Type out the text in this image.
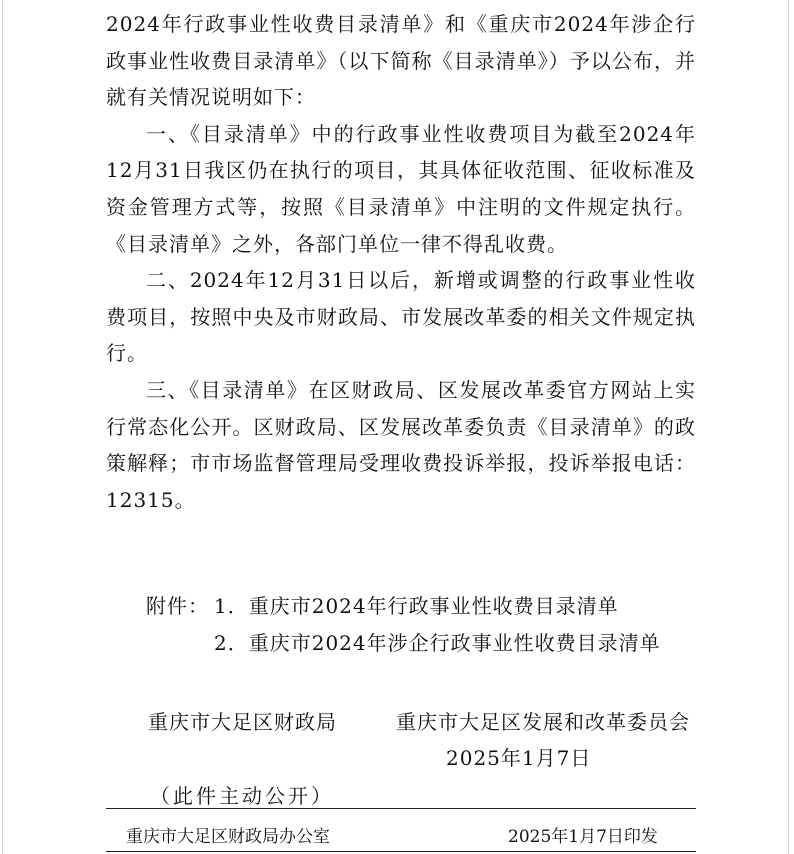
2024年行政事业性收费目录清单》和《重庆市2024年涉企行政事业性收费目录清单》（以下简称《目录清单》）予以公布，并就有关情况说明如下：

一、《目录清单》中的行政事业性收费项目为截至2024年12月31日我区仍在执行的项目，其具体征收范围、征收标准及资金管理方式等，按照《目录清单》中注明的文件规定执行。《目录清单》之外，各部门单位一律不得乱收费。

二、2024年12月31日以后，新增或调整的行政事业性收费项目，按照中央及市财政局、市发展改革委的相关文件规定执行。

三、《目录清单》在区财政局、区发展改革委官方网站上实行常态化公开。区财政局、区发展改革委负责《目录清单》的政策解释；市市场监督管理局受理收费投诉举报，投诉举报电话：12315。

附件： 1．重庆市2024年行政事业性收费目录清单
2．重庆市2024年涉企行政事业性收费目录清单
重庆市大足区财政局	重庆市大足区发展和改革委员会
2025年1月7日
（此件主动公开）
重庆市大足区财政局办公室	2025年1月7日印发
